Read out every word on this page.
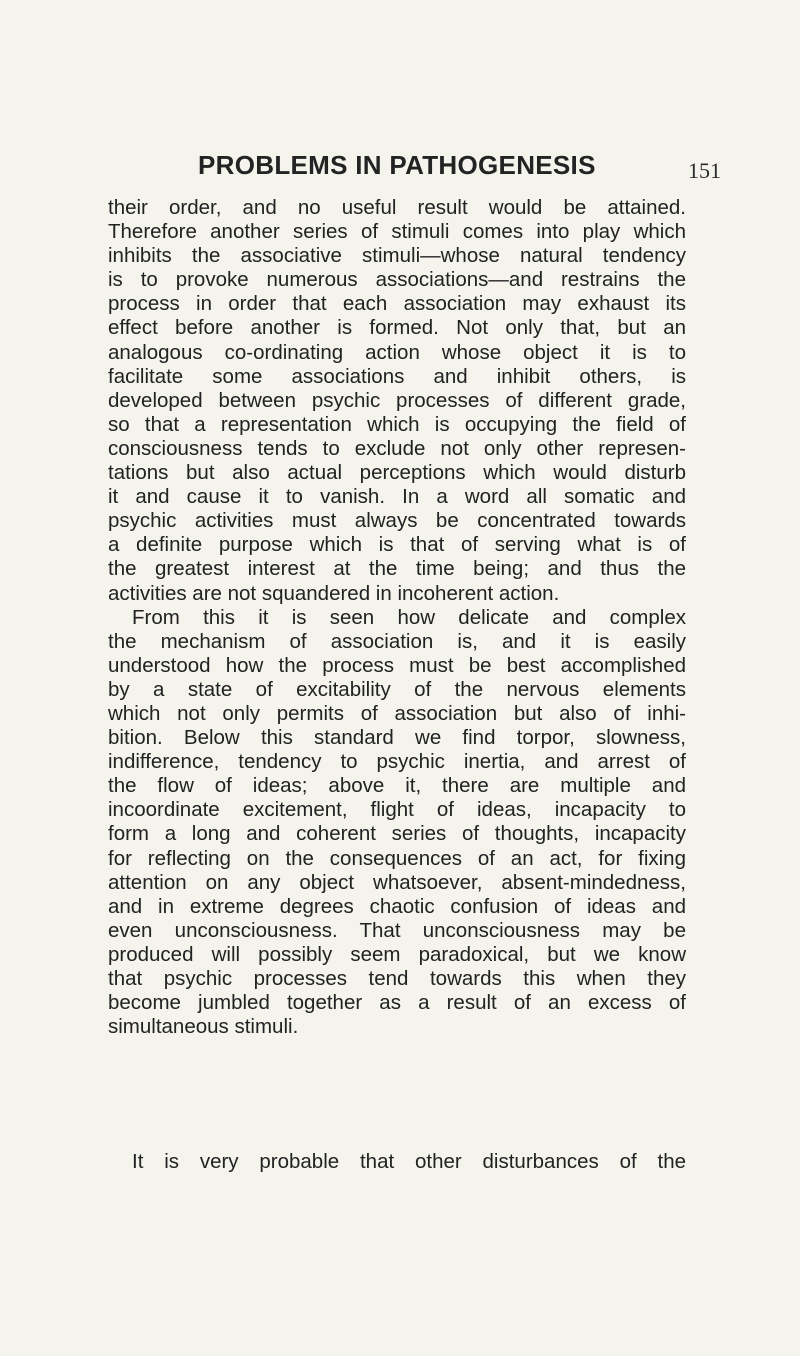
PROBLEMS IN PATHOGENESIS	151
their order, and no useful result would be attained.
Therefore another series of stimuli comes into play which
inhibits the associative stimuli—whose natural tendency
is to provoke numerous associations—and restrains the
process in order that each association may exhaust its
effect before another is formed. Not only that, but an
analogous co-ordinating action whose object it is to
facilitate some associations and inhibit others, is
developed between psychic processes of different grade,
so that a representation which is occupying the field of
consciousness tends to exclude not only other represen-
tations but also actual perceptions which would disturb
it and cause it to vanish. In a word all somatic and
psychic activities must always be concentrated towards
a definite purpose which is that of serving what is of
the greatest interest at the time being; and thus the
activities are not squandered in incoherent action.
From this it is seen how delicate and complex
the mechanism of association is, and it is easily
understood how the process must be best accomplished
by a state of excitability of the nervous elements
which not only permits of association but also of inhi-
bition. Below this standard we find torpor, slowness,
indifference, tendency to psychic inertia, and arrest of
the flow of ideas; above it, there are multiple and
incoordinate excitement, flight of ideas, incapacity to
form a long and coherent series of thoughts, incapacity
for reflecting on the consequences of an act, for fixing
attention on any object whatsoever, absent-mindedness,
and in extreme degrees chaotic confusion of ideas and
even unconsciousness. That unconsciousness may be
produced will possibly seem paradoxical, but we know
that psychic processes tend towards this when they
become jumbled together as a result of an excess of
simultaneous stimuli.
It is very probable that other disturbances of the
